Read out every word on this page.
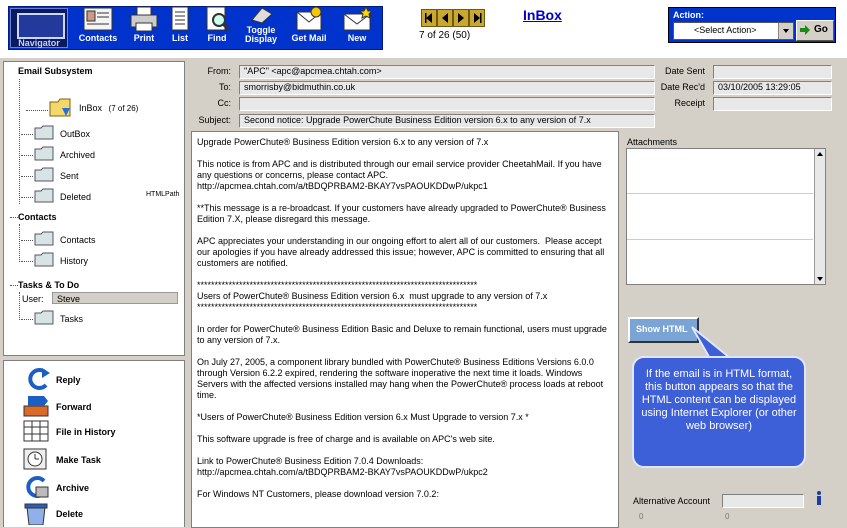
Navigator	Contacts	Print	List	Find
Toggle
Display	Get Mail	New	7 of 26 (50)
InBox	Action:
<Select Action>	Go
Email Subsystem
InBox (7 of 26)
OutBox
Archived
Sent
Deleted	HTMLPath
Contacts
Contacts
History
Tasks & To Do
User:	Steve
Tasks
Reply
Forward
File in History
Make Task
Archive
Delete
From:	"APC" <apc@apcmea.chtah.com>
To:	smorrisby@bidmuthin.co.uk
Cc:
Subject:	Second notice: Upgrade PowerChute Business Edition version 6.x to any version of 7.x
Date Sent
Date Rec'd	03/10/2005 13:29:05
Receipt

Upgrade PowerChute® Business Edition version 6.x to any version of 7.x

This notice is from APC and is distributed through our email service provider CheetahMail. If you have any questions or concerns, please contact APC.
http://apcmea.chtah.com/a/tBDQPRBAM2-BKAY7vsPAOUKDDwP/ukpc1

**This message is a re-broadcast. If your customers have already upgraded to PowerChute® Business Edition 7.X, please disregard this message.

APC appreciates your understanding in our ongoing effort to alert all of our customers.  Please accept our apologies if you have already addressed this issue; however, APC is committed to ensuring that all customers are notified.

********************************************************************************
Users of PowerChute® Business Edition version 6.x  must upgrade to any version of 7.x
********************************************************************************

In order for PowerChute® Business Edition Basic and Deluxe to remain functional, users must upgrade to any version of 7.x.

On July 27, 2005, a component library bundled with PowerChute® Business Editions Versions 6.0.0 through Version 6.2.2 expired, rendering the software inoperative the next time it loads. Windows Servers with the affected versions installed may hang when the PowerChute® process loads at reboot time.

*Users of PowerChute® Business Edition version 6.x Must Upgrade to version 7.x *

This software upgrade is free of charge and is available on APC's web site.

Link to PowerChute® Business Edition 7.0.4 Downloads:
http://apcmea.chtah.com/a/tBDQPRBAM2-BKAY7vsPAOUKDDwP/ukpc2

For Windows NT Customers, please download version 7.0.2:

Attachments
Show HTML
If the email is in HTML format, this button appears so that the HTML content can be displayed using Internet Explorer (or other web browser)
Alternative Account
0	0
